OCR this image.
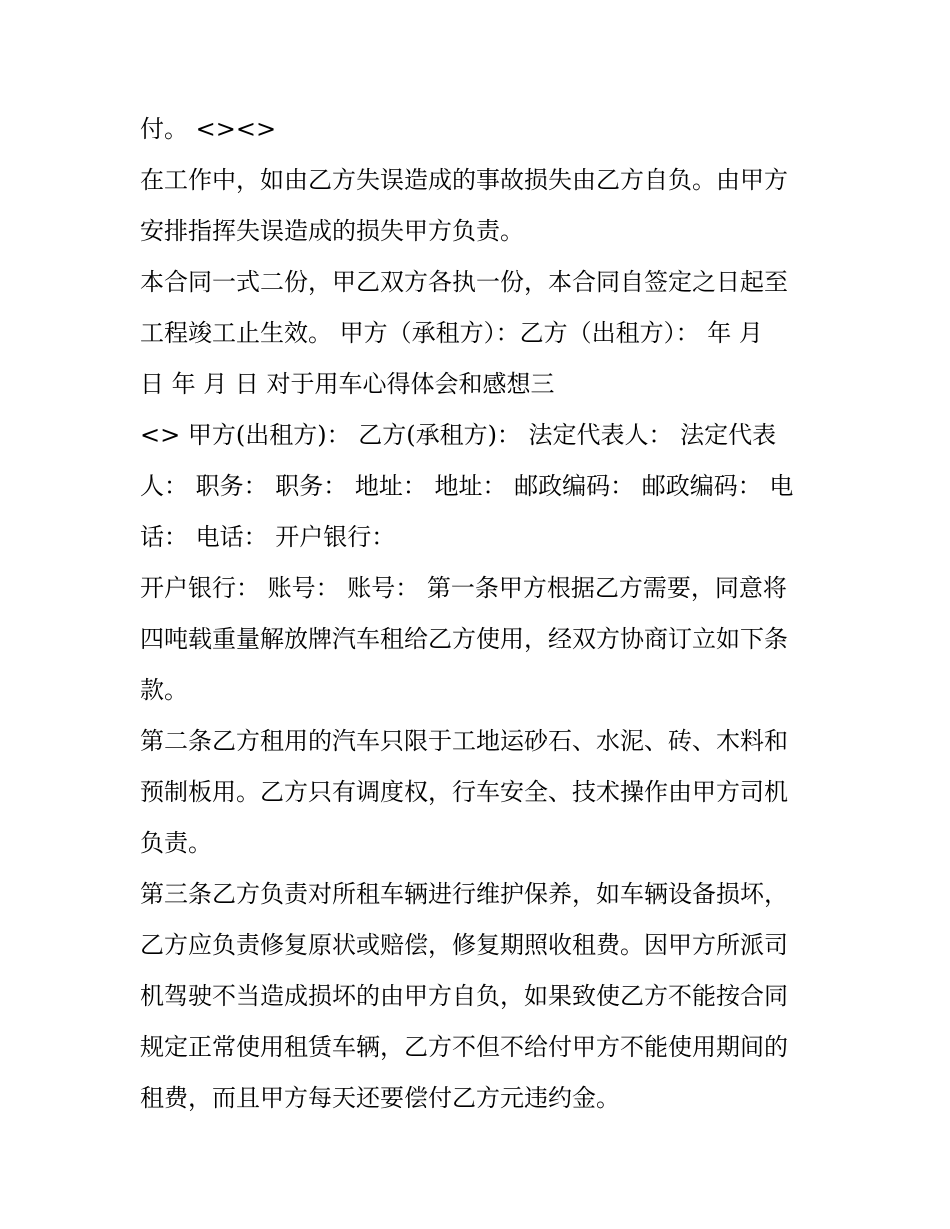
付。 <><>
在工作中，如由乙方失误造成的事故损失由乙方自负。由甲方
安排指挥失误造成的损失甲方负责。
本合同一式二份，甲乙双方各执一份，本合同自签定之日起至
工程竣工止生效。 甲方（承租方）：乙方（出租方）： 年 月
日 年 月 日 对于用车心得体会和感想三
<> 甲方(出租方)： 乙方(承租方)： 法定代表人： 法定代表
人： 职务： 职务： 地址： 地址： 邮政编码： 邮政编码： 电
话： 电话： 开户银行：
开户银行： 账号： 账号： 第一条甲方根据乙方需要，同意将
四吨载重量解放牌汽车租给乙方使用，经双方协商订立如下条
款。
第二条乙方租用的汽车只限于工地运砂石、水泥、砖、木料和
预制板用。乙方只有调度权，行车安全、技术操作由甲方司机
负责。
第三条乙方负责对所租车辆进行维护保养，如车辆设备损坏，
乙方应负责修复原状或赔偿，修复期照收租费。因甲方所派司
机驾驶不当造成损坏的由甲方自负，如果致使乙方不能按合同
规定正常使用租赁车辆，乙方不但不给付甲方不能使用期间的
租费，而且甲方每天还要偿付乙方元违约金。
